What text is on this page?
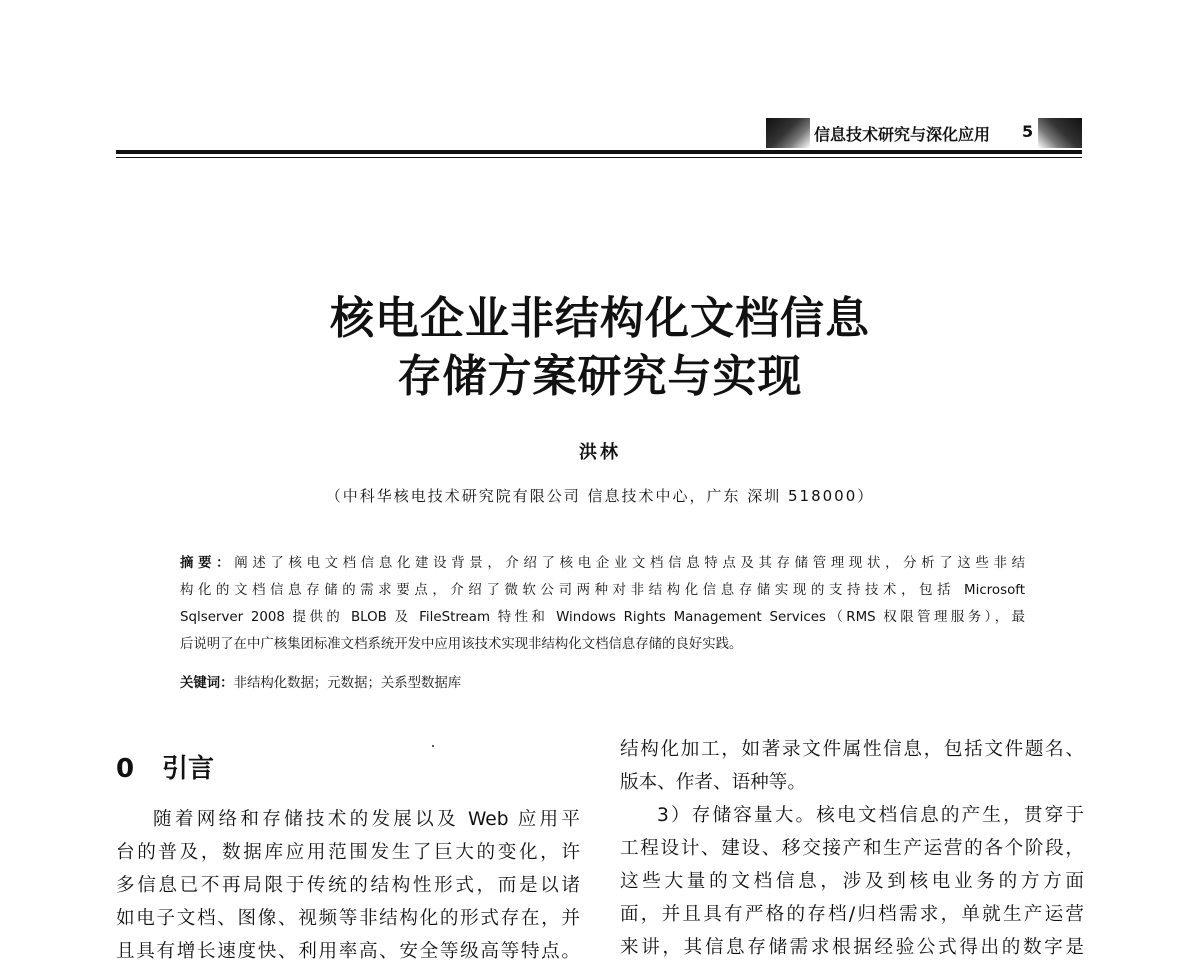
信息技术研究与深化应用 5
核电企业非结构化文档信息
存储方案研究与实现
洪林
（中科华核电技术研究院有限公司 信息技术中心，广东 深圳 518000）
摘要：阐述了核电文档信息化建设背景，介绍了核电企业文档信息特点及其存储管理现状，分析了这些非结
构化的文档信息存储的需求要点，介绍了微软公司两种对非结构化信息存储实现的支持技术，包括 Microsoft
Sqlserver 2008 提供的 BLOB 及 FileStream 特性和 Windows Rights Management Services（RMS 权限管理服务），最
后说明了在中广核集团标准文档系统开发中应用该技术实现非结构化文档信息存储的良好实践。
关键词：非结构化数据；元数据；关系型数据库
0 引言
随着网络和存储技术的发展以及 Web 应用平
台的普及，数据库应用范围发生了巨大的变化，许
多信息已不再局限于传统的结构性形式，而是以诸
如电子文档、图像、视频等非结构化的形式存在，并
且具有增长速度快、利用率高、安全等级高等特点。
结构化加工，如著录文件属性信息，包括文件题名、
版本、作者、语种等。
3）存储容量大。核电文档信息的产生，贯穿于
工程设计、建设、移交接产和生产运营的各个阶段，
这些大量的文档信息，涉及到核电业务的方方面
面，并且具有严格的存档/归档需求，单就生产运营
来讲，其信息存储需求根据经验公式得出的数字是
